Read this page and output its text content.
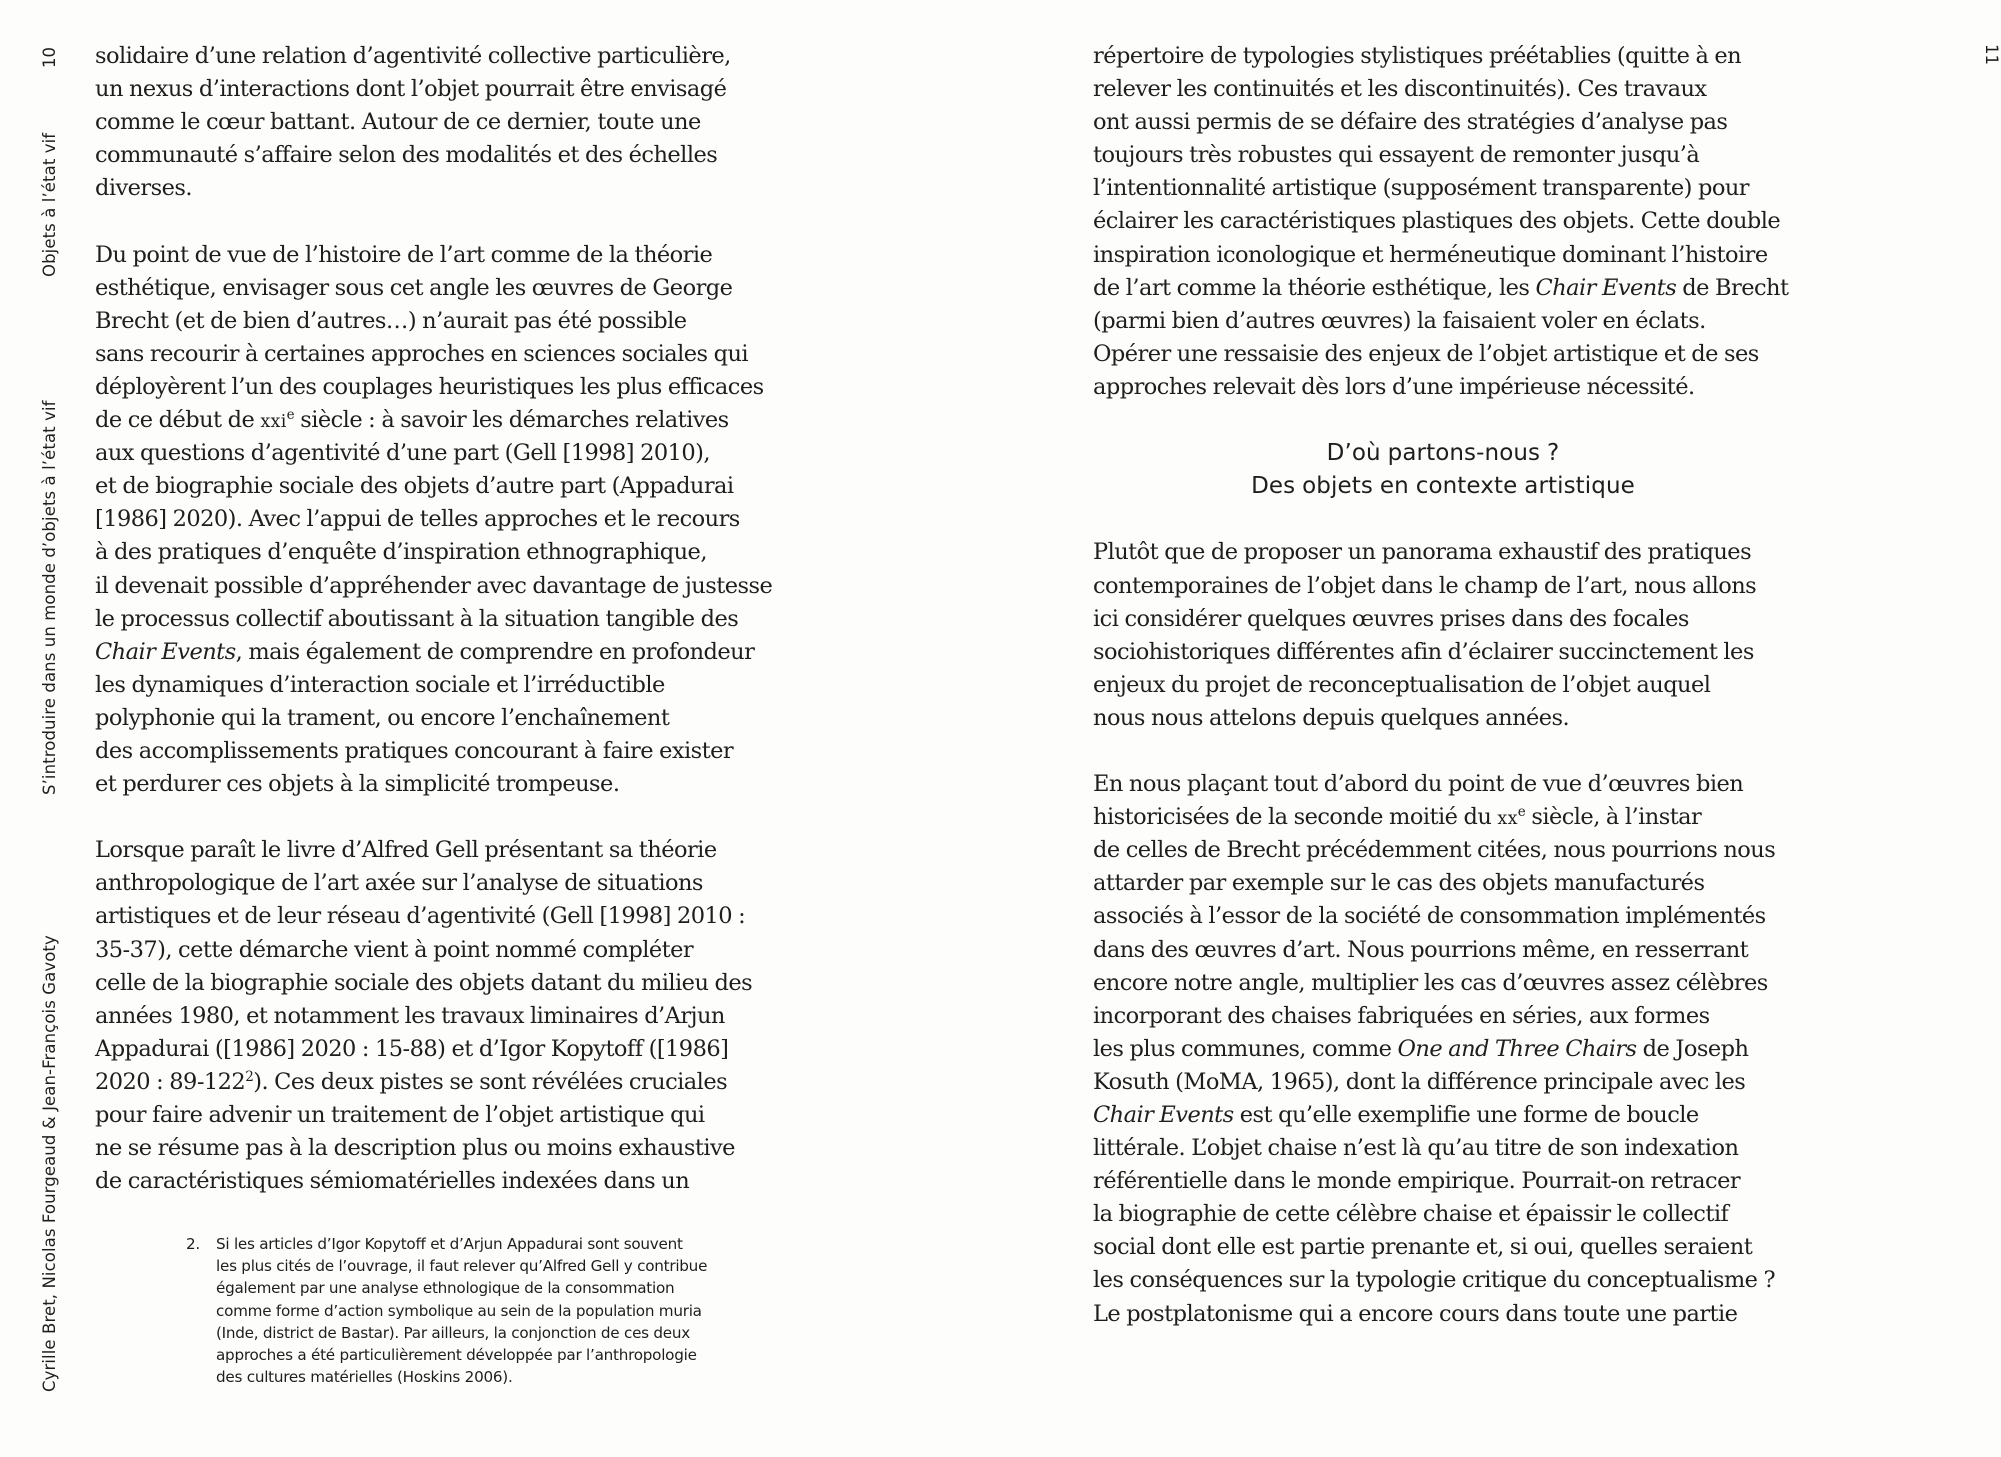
10
Objets à l’état vif
S’introduire dans un monde d’objets à l’état vif
Cyrille Bret, Nicolas Fourgeaud & Jean-François Gavoty
solidaire d’une relation d’agentivité collective particulière,
un nexus d’interactions dont l’objet pourrait être envisagé
comme le cœur battant. Autour de ce dernier, toute une
communauté s’affaire selon des modalités et des échelles
diverses.
Du point de vue de l’histoire de l’art comme de la théorie
esthétique, envisager sous cet angle les œuvres de George
Brecht (et de bien d’autres…) n’aurait pas été possible
sans recourir à certaines approches en sciences sociales qui
déployèrent l’un des couplages heuristiques les plus efficaces
de ce début de xxi$^e$ siècle : à savoir les démarches relatives
aux questions d’agentivité d’une part (Gell [1998] 2010),
et de biographie sociale des objets d’autre part (Appadurai
[1986] 2020). Avec l’appui de telles approches et le recours
à des pratiques d’enquête d’inspiration ethnographique,
il devenait possible d’appréhender avec davantage de justesse
le processus collectif aboutissant à la situation tangible des
Chair Events, mais également de comprendre en profondeur
les dynamiques d’interaction sociale et l’irréductible
polyphonie qui la trament, ou encore l’enchaînement
des accomplissements pratiques concourant à faire exister
et perdurer ces objets à la simplicité trompeuse.
Lorsque paraît le livre d’Alfred Gell présentant sa théorie
anthropologique de l’art axée sur l’analyse de situations
artistiques et de leur réseau d’agentivité (Gell [1998] 2010 :
35-37), cette démarche vient à point nommé compléter
celle de la biographie sociale des objets datant du milieu des
années 1980, et notamment les travaux liminaires d’Arjun
Appadurai ([1986] 2020 : 15-88) et d’Igor Kopytoff ([1986]
2020 : $89-122^2$). Ces deux pistes se sont révélées cruciales
pour faire advenir un traitement de l’objet artistique qui
ne se résume pas à la description plus ou moins exhaustive
de caractéristiques sémiomatérielles indexées dans un
2. Si les articles d’Igor Kopytoff et d’Arjun Appadurai sont souvent
les plus cités de l’ouvrage, il faut relever qu’Alfred Gell y contribue
également par une analyse ethnologique de la consommation
comme forme d’action symbolique au sein de la population muria
(Inde, district de Bastar). Par ailleurs, la conjonction de ces deux
approches a été particulièrement développée par l’anthropologie
des cultures matérielles (Hoskins 2006).
11
répertoire de typologies stylistiques préétablies (quitte à en
relever les continuités et les discontinuités). Ces travaux
ont aussi permis de se défaire des stratégies d’analyse pas
toujours très robustes qui essayent de remonter jusqu’à
l’intentionnalité artistique (supposément transparente) pour
éclairer les caractéristiques plastiques des objets. Cette double
inspiration iconologique et herméneutique dominant l’histoire
de l’art comme la théorie esthétique, les Chair Events de Brecht
(parmi bien d’autres œuvres) la faisaient voler en éclats.
Opérer une ressaisie des enjeux de l’objet artistique et de ses
approches relevait dès lors d’une impérieuse nécessité.
D’où partons-nous ?
Des objets en contexte artistique
Plutôt que de proposer un panorama exhaustif des pratiques
contemporaines de l’objet dans le champ de l’art, nous allons
ici considérer quelques œuvres prises dans des focales
sociohistoriques différentes afin d’éclairer succinctement les
enjeux du projet de reconceptualisation de l’objet auquel
nous nous attelons depuis quelques années.
En nous plaçant tout d’abord du point de vue d’œuvres bien
historicisées de la seconde moitié du $xx^e$ siècle, à l’instar
de celles de Brecht précédemment citées, nous pourrions nous
attarder par exemple sur le cas des objets manufacturés
associés à l’essor de la société de consommation implémentés
dans des œuvres d’art. Nous pourrions même, en resserrant
encore notre angle, multiplier les cas d’œuvres assez célèbres
incorporant des chaises fabriquées en séries, aux formes
les plus communes, comme One and Three Chairs de Joseph
Kosuth (MoMA, 1965), dont la différence principale avec les
Chair Events est qu’elle exemplifie une forme de boucle
littérale. L’objet chaise n’est là qu’au titre de son indexation
référentielle dans le monde empirique. Pourrait-on retracer
la biographie de cette célèbre chaise et épaissir le collectif
social dont elle est partie prenante et, si oui, quelles seraient
les conséquences sur la typologie critique du conceptualisme ?
Le postplatonisme qui a encore cours dans toute une partie
